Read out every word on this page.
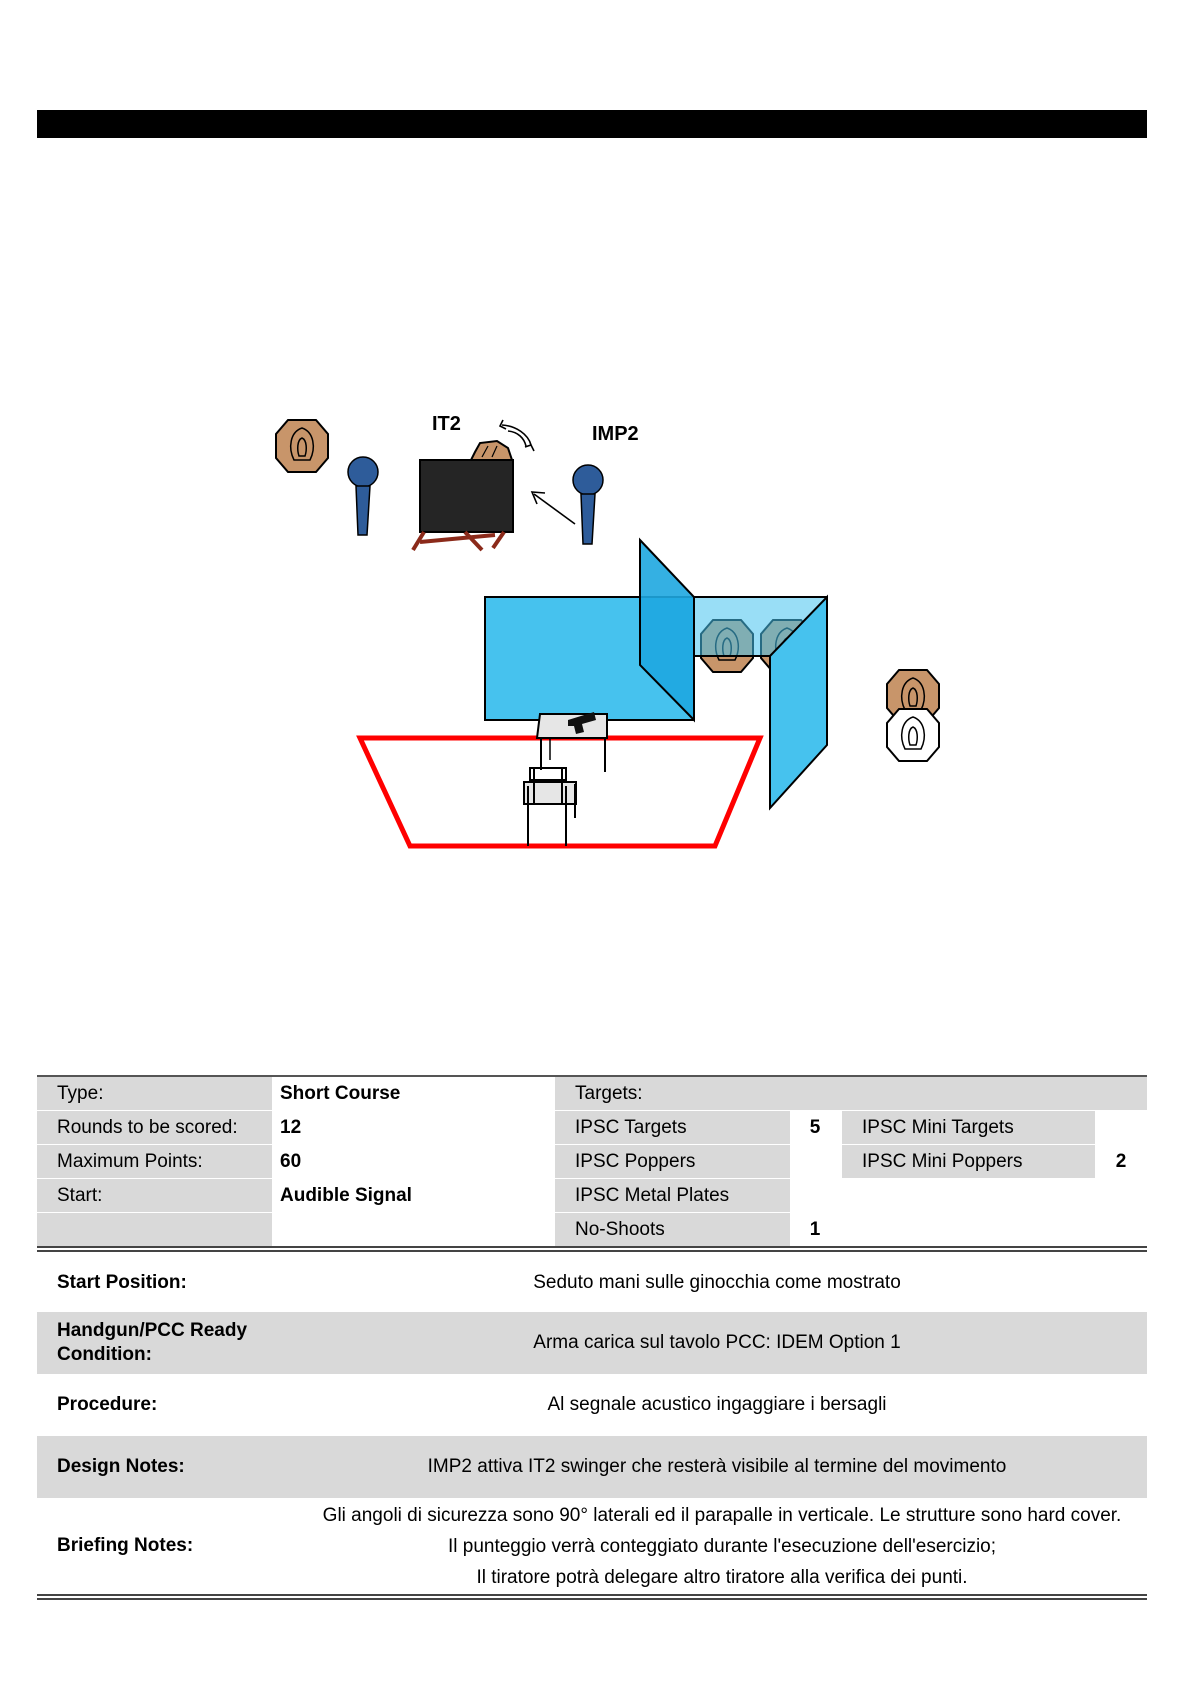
IT2	IMP2
Type:	Short Course	Targets:
Rounds to be scored:	12	IPSC Targets	5	IPSC Mini Targets
Maximum Points:	60	IPSC Poppers	IPSC Mini Poppers	2
Start:	Audible Signal	IPSC Metal Plates
No-Shoots	1
Start Position:	Seduto mani sulle ginocchia come mostrato
Handgun/PCC Ready
Condition:
Arma carica sul tavolo PCC: IDEM Option 1
Procedure:	Al segnale acustico ingaggiare i bersagli
Design Notes:	IMP2 attiva IT2 swinger che resterà visibile al termine del movimento
Briefing Notes:
Gli angoli di sicurezza sono 90° laterali ed il parapalle in verticale. Le strutture sono hard cover.
Il punteggio verrà conteggiato durante l'esecuzione dell'esercizio;
Il tiratore potrà delegare altro tiratore alla verifica dei punti.
